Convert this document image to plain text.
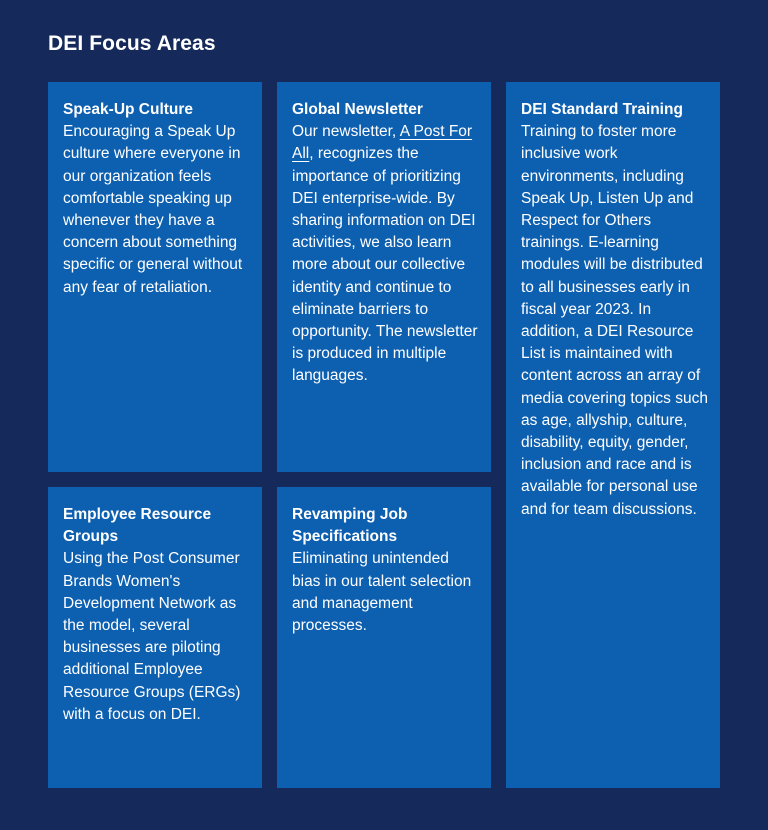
DEI Focus Areas
Speak-Up Culture

Encouraging a Speak Up culture where everyone in our organization feels comfortable speaking up whenever they have a concern about something specific or general without any fear of retaliation.

Global Newsletter

Our newsletter, A Post For All, recognizes the importance of prioritizing DEI enterprise-wide. By sharing information on DEI activities, we also learn more about our collective identity and continue to eliminate barriers to opportunity. The newsletter is produced in multiple languages.

DEI Standard Training

Training to foster more inclusive work environments, including Speak Up, Listen Up and Respect for Others trainings. E-learning modules will be distributed to all businesses early in fiscal year 2023. In addition, a DEI Resource List is maintained with content across an array of media covering topics such as age, allyship, culture, disability, equity, gender, inclusion and race and is available for personal use and for team discussions.

Employee Resource Groups

Using the Post Consumer Brands Women's Development Network as the model, several businesses are piloting additional Employee Resource Groups (ERGs) with a focus on DEI.

Revamping Job Specifications

Eliminating unintended bias in our talent selection and management processes.
